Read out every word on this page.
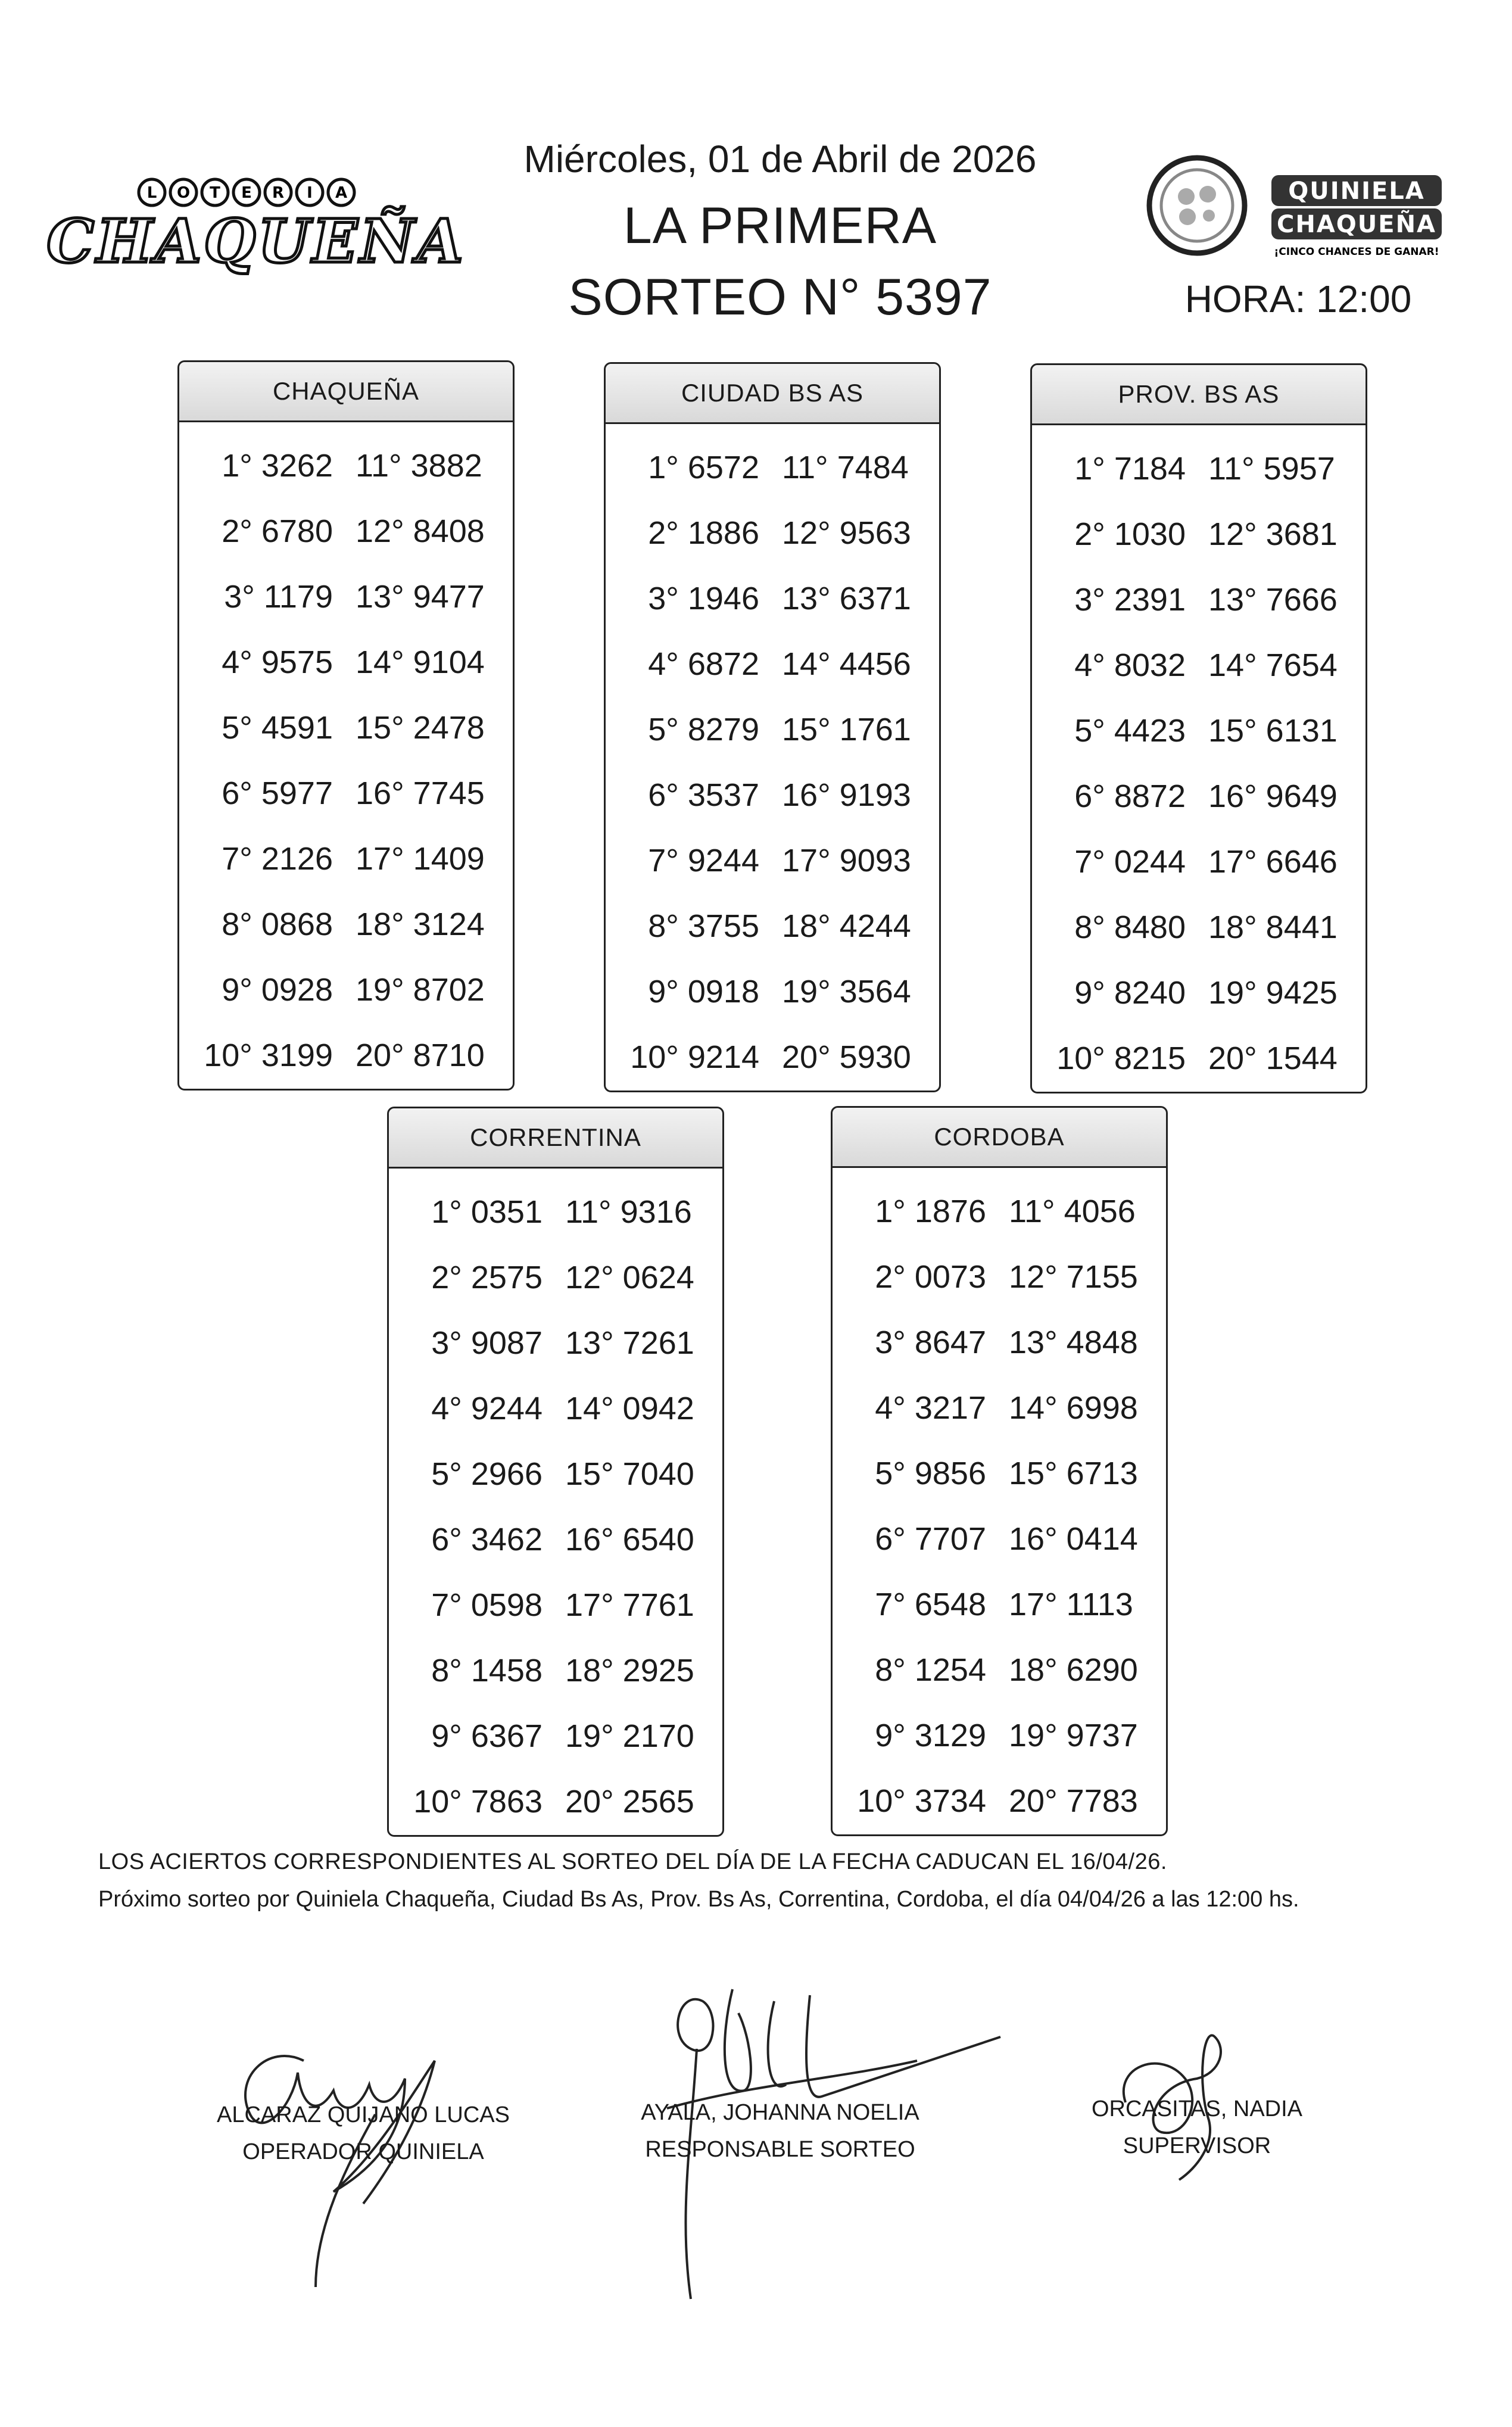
L O T E R I A
CHAQUEÑA
Miércoles, 01 de Abril de 2026
LA PRIMERA
SORTEO N° 5397
QUINIELA
CHAQUEÑA
¡CINCO CHANCES DE GANAR!
HORA: 12:00
CHAQUEÑA
1° 3262 11° 3882
2° 6780 12° 8408
3° 1179 13° 9477
4° 9575 14° 9104
5° 4591 15° 2478
6° 5977 16° 7745
7° 2126 17° 1409
8° 0868 18° 3124
9° 0928 19° 8702
10° 3199 20° 8710
CIUDAD BS AS
1° 6572 11° 7484
2° 1886 12° 9563
3° 1946 13° 6371
4° 6872 14° 4456
5° 8279 15° 1761
6° 3537 16° 9193
7° 9244 17° 9093
8° 3755 18° 4244
9° 0918 19° 3564
10° 9214 20° 5930
PROV. BS AS
1° 7184 11° 5957
2° 1030 12° 3681
3° 2391 13° 7666
4° 8032 14° 7654
5° 4423 15° 6131
6° 8872 16° 9649
7° 0244 17° 6646
8° 8480 18° 8441
9° 8240 19° 9425
10° 8215 20° 1544
CORRENTINA
1° 0351 11° 9316
2° 2575 12° 0624
3° 9087 13° 7261
4° 9244 14° 0942
5° 2966 15° 7040
6° 3462 16° 6540
7° 0598 17° 7761
8° 1458 18° 2925
9° 6367 19° 2170
10° 7863 20° 2565
CORDOBA
1° 1876 11° 4056
2° 0073 12° 7155
3° 8647 13° 4848
4° 3217 14° 6998
5° 9856 15° 6713
6° 7707 16° 0414
7° 6548 17° 1113
8° 1254 18° 6290
9° 3129 19° 9737
10° 3734 20° 7783
LOS ACIERTOS CORRESPONDIENTES AL SORTEO DEL DÍA DE LA FECHA CADUCAN EL 16/04/26.
Próximo sorteo por Quiniela Chaqueña, Ciudad Bs As, Prov. Bs As, Correntina, Cordoba, el día 04/04/26 a las 12:00 hs.
ALCARAZ QUIJANO LUCAS
OPERADOR QUINIELA
AYALA, JOHANNA NOELIA
RESPONSABLE SORTEO
ORCASITAS, NADIA
SUPERVISOR
